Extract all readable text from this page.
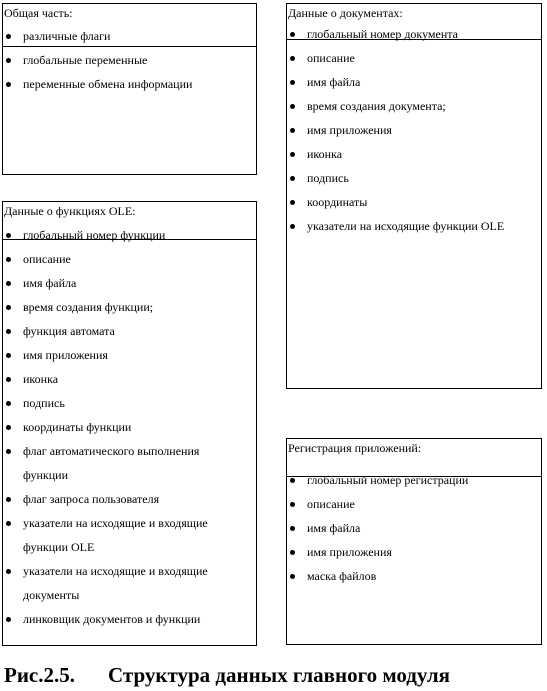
Общая часть:
различные флаги
глобальные переменные
переменные обмена информации
Данные о документах:
глобальный номер документа
описание
имя файла
время создания документа;
имя приложения
иконка
подпись
координаты
указатели на исходящие функции OLE
Данные о функциях OLE:
глобальный номер функции
описание
имя файла
время создания функции;
функция автомата
имя приложения
иконка
подпись
координаты функции
флаг автоматического выполнения
функции
флаг запроса пользователя
указатели на исходящие и входящие
функции OLE
указатели на исходящие и входящие
документы
линковщик документов и функции
Регистрация приложений:
глобальный номер регистрации
описание
имя файла
имя приложения
маска файлов
Рис.2.5. Структура данных главного модуля
